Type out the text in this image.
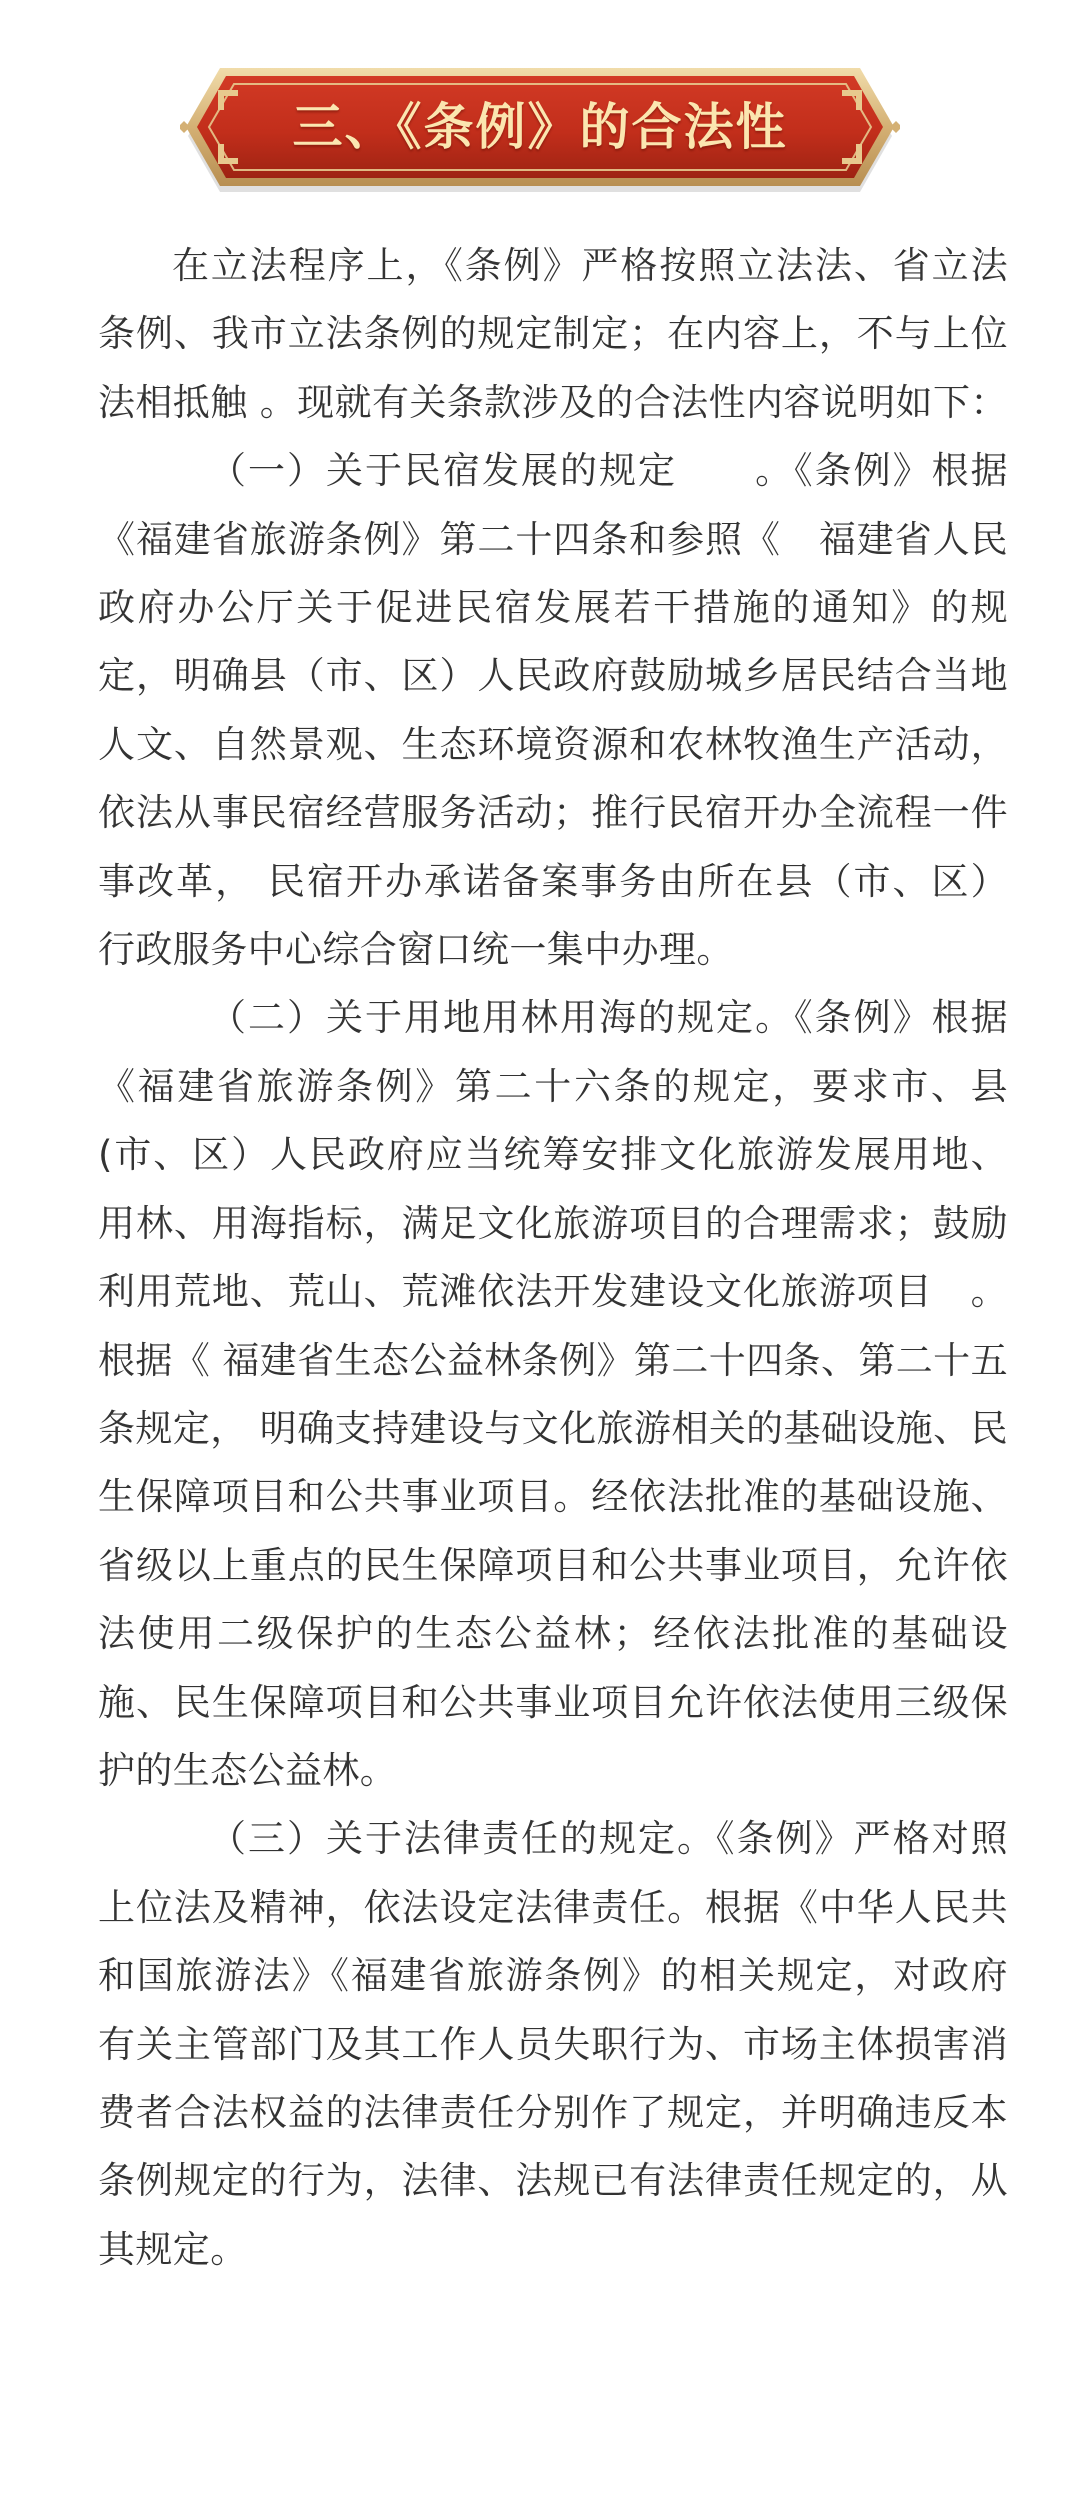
三、《条例》的合法性

在立法程序上，《条例》严格按照立法法、省立法条例、我市立法条例的规定制定；在内容上，不与上位法相抵触 。现就有关条款涉及的合法性内容说明如下：

（一）关于民宿发展的规定　　。《条例》根据《福建省旅游条例》第二十四条和参照《　福建省人民政府办公厅关于促进民宿发展若干措施的通知》的规定，明确县（市、区）人民政府鼓励城乡居民结合当地人文、自然景观、生态环境资源和农林牧渔生产活动，依法从事民宿经营服务活动；推行民宿开办全流程一件事改革， 民宿开办承诺备案事务由所在县（市、区） 行政服务中心综合窗口统一集中办理。

（二）关于用地用林用海的规定。《条例》根据《福建省旅游条例》第二十六条的规定，要求市、县(市、区）人民政府应当统筹安排文化旅游发展用地、用林、用海指标，满足文化旅游项目的合理需求；鼓励利用荒地、荒山、荒滩依法开发建设文化旅游项目　。根据《 福建省生态公益林条例》第二十四条、第二十五条规定， 明确支持建设与文化旅游相关的基础设施、民生保障项目和公共事业项目。经依法批准的基础设施、省级以上重点的民生保障项目和公共事业项目，允许依法使用二级保护的生态公益林；经依法批准的基础设施、民生保障项目和公共事业项目允许依法使用三级保护的生态公益林。

（三）关于法律责任的规定。《条例》严格对照上位法及精神，依法设定法律责任。根据《中华人民共和国旅游法》《福建省旅游条例》的相关规定，对政府有关主管部门及其工作人员失职行为、市场主体损害消费者合法权益的法律责任分别作了规定，并明确违反本条例规定的行为，法律、法规已有法律责任规定的，从其规定。
